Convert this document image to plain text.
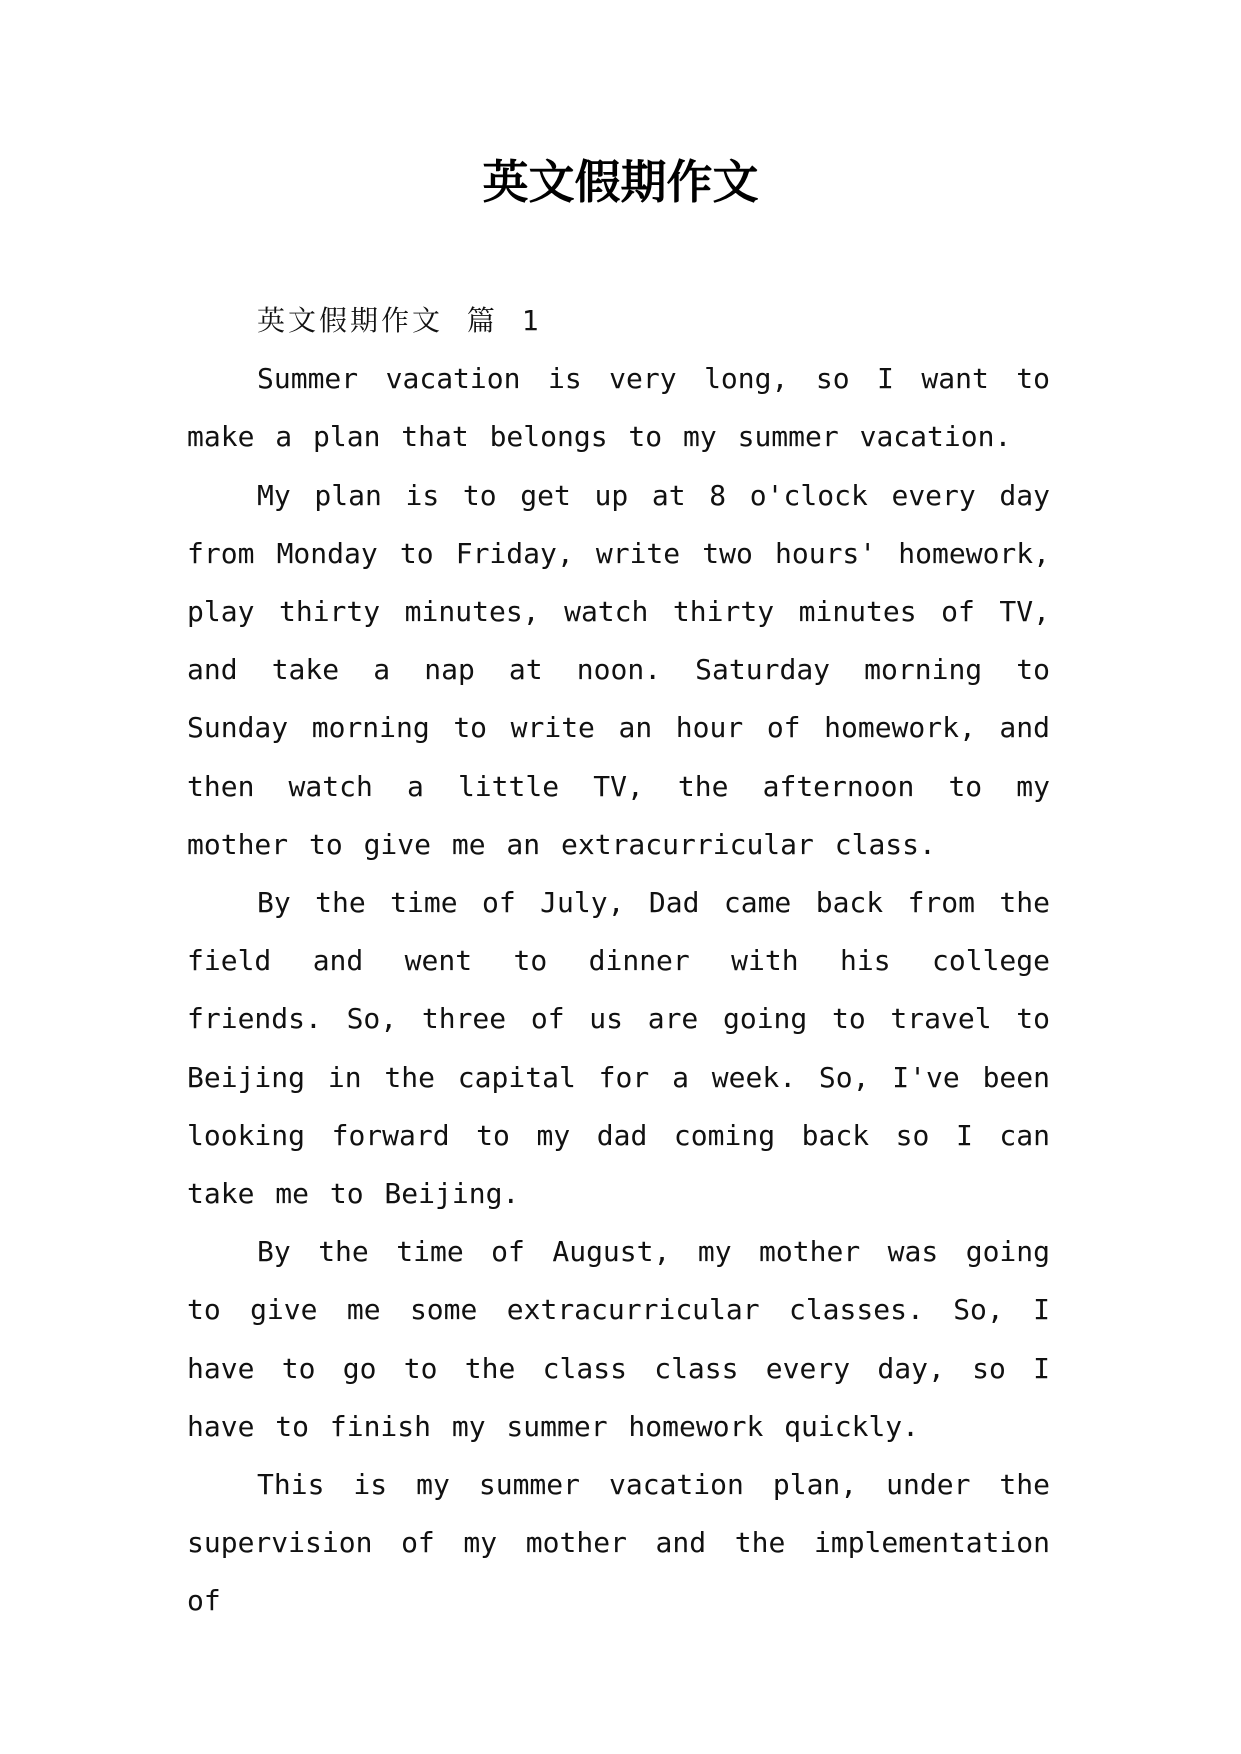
英文假期作文

英文假期作文 篇 1

Summer vacation is very long, so I want to make a plan that belongs to my summer vacation.

My plan is to get up at 8 o'clock every day from Monday to Friday, write two hours' homework, play thirty minutes, watch thirty minutes of TV, and take a nap at noon. Saturday morning to Sunday morning to write an hour of homework, and then watch a little TV, the afternoon to my mother to give me an extracurricular class.

By the time of July, Dad came back from the field and went to dinner with his college friends. So, three of us are going to travel to Beijing in the capital for a week. So, I've been looking forward to my dad coming back so I can take me to Beijing.

By the time of August, my mother was going to give me some extracurricular classes. So, I have to go to the class class every day, so I have to finish my summer homework quickly.

This is my summer vacation plan, under the supervision of my mother and the implementation of
